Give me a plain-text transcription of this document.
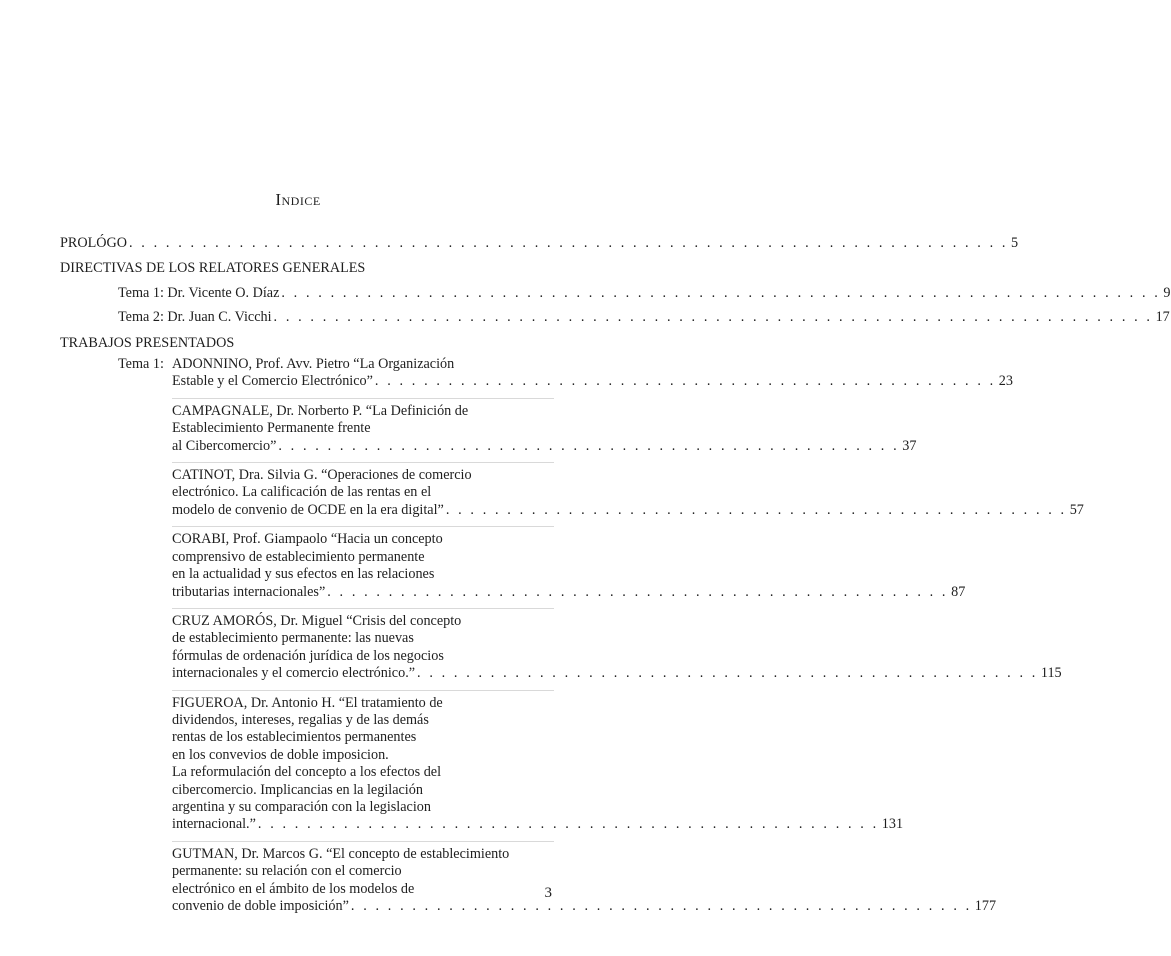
Indice
PROLÓGO . . . . . . . . . . . . . . . . . . . . . . . . . . . . . . . . . . . . . . . . . . . . . . . . . . . . . . . . . . . . . . . . . . . . . . . . 5
DIRECTIVAS DE LOS RELATORES GENERALES
Tema 1: Dr. Vicente O. Díaz . . . . . . . . . . . . . . . . . . . . . . . . . . . . . . . . . . . . . . . . . . . . . . . . . . . . . . . . . . . . . . . . . . . . . . . . 9
Tema 2: Dr. Juan C. Vicchi . . . . . . . . . . . . . . . . . . . . . . . . . . . . . . . . . . . . . . . . . . . . . . . . . . . . . . . . . . . . . . . . . . . . . . . . 17
TRABAJOS PRESENTADOS
Tema 1: ADONNINO, Prof. Avv. Pietro “La Organización
Estable y el Comercio Electrónico” . . . . . . . . . . . . . . . . . . . . . . . . . . . . . . . . . . . . . . . . . . . . . . . . . . . 23
CAMPAGNALE, Dr. Norberto P. “La Definición de
Establecimiento Permanente frente
al Cibercomercio” . . . . . . . . . . . . . . . . . . . . . . . . . . . . . . . . . . . . . . . . . . . . . . . . . . . 37
CATINOT, Dra. Silvia G. “Operaciones de comercio
electrónico. La calificación de las rentas en el
modelo de convenio de OCDE en la era digital” . . . . . . . . . . . . . . . . . . . . . . . . . . . . . . . . . . . . . . . . . . . . . . . . . . . 57
CORABI, Prof. Giampaolo “Hacia un concepto
comprensivo de establecimiento permanente
en la actualidad y sus efectos en las relaciones
tributarias internacionales” . . . . . . . . . . . . . . . . . . . . . . . . . . . . . . . . . . . . . . . . . . . . . . . . . . . 87
CRUZ AMORÓS, Dr. Miguel “Crisis del concepto
de establecimiento permanente: las nuevas
fórmulas de ordenación jurídica de los negocios
internacionales y el comercio electrónico.” . . . . . . . . . . . . . . . . . . . . . . . . . . . . . . . . . . . . . . . . . . . . . . . . . . . 115
FIGUEROA, Dr. Antonio H. “El tratamiento de
dividendos, intereses, regalias y de las demás
rentas de los establecimientos permanentes
en los convevios de doble imposicion.
La reformulación del concepto a los efectos del
cibercomercio. Implicancias en la legilación
argentina y su comparación con la legislacion
internacional.” . . . . . . . . . . . . . . . . . . . . . . . . . . . . . . . . . . . . . . . . . . . . . . . . . . . 131
GUTMAN, Dr. Marcos G. “El concepto de establecimiento
permanente: su relación con el comercio
electrónico en el ámbito de los modelos de
convenio de doble imposición” . . . . . . . . . . . . . . . . . . . . . . . . . . . . . . . . . . . . . . . . . . . . . . . . . . . 177
3
